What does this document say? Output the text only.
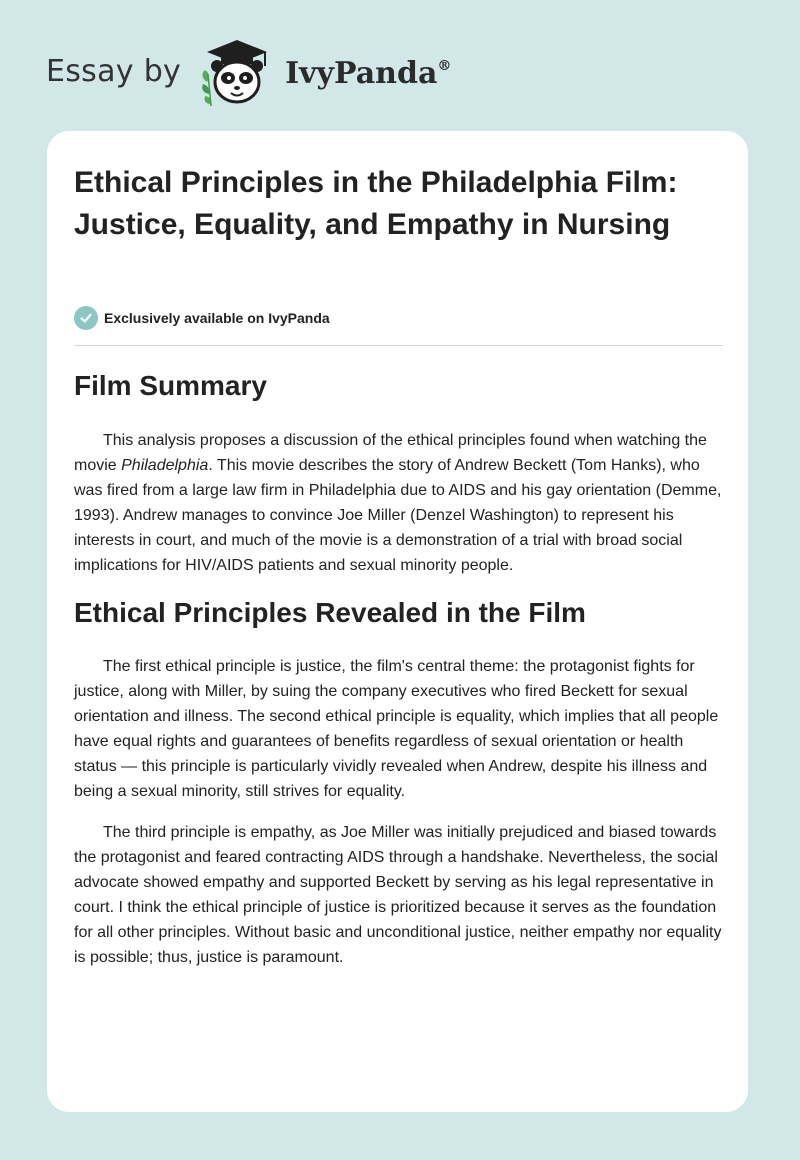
Essay by	IvyPanda®
Ethical Principles in the Philadelphia Film: Justice, Equality, and Empathy in Nursing
Exclusively available on IvyPanda
Film Summary

This analysis proposes a discussion of the ethical principles found when watching the movie Philadelphia. This movie describes the story of Andrew Beckett (Tom Hanks), who was fired from a large law firm in Philadelphia due to AIDS and his gay orientation (Demme, 1993). Andrew manages to convince Joe Miller (Denzel Washington) to represent his interests in court, and much of the movie is a demonstration of a trial with broad social implications for HIV/AIDS patients and sexual minority people.

Ethical Principles Revealed in the Film

The first ethical principle is justice, the film's central theme: the protagonist fights for justice, along with Miller, by suing the company executives who fired Beckett for sexual orientation and illness. The second ethical principle is equality, which implies that all people have equal rights and guarantees of benefits regardless of sexual orientation or health status — this principle is particularly vividly revealed when Andrew, despite his illness and being a sexual minority, still strives for equality.

The third principle is empathy, as Joe Miller was initially prejudiced and biased towards the protagonist and feared contracting AIDS through a handshake. Nevertheless, the social advocate showed empathy and supported Beckett by serving as his legal representative in court. I think the ethical principle of justice is prioritized because it serves as the foundation for all other principles. Without basic and unconditional justice, neither empathy nor equality is possible; thus, justice is paramount.
